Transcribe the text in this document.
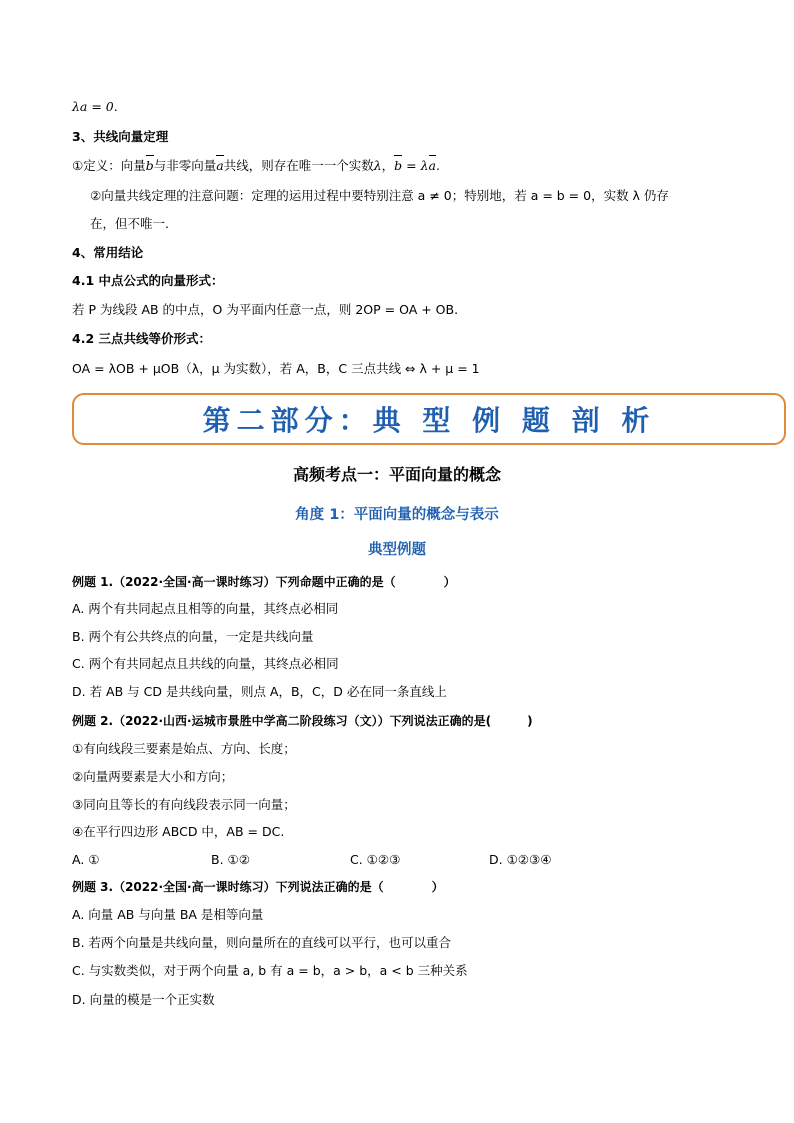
λa = 0.
3、共线向量定理
①定义：向量b与非零向量a共线，则存在唯一一个实数λ，b = λa.
②向量共线定理的注意问题：定理的运用过程中要特别注意 a ≠ 0；特别地，若 a = b = 0，实数 λ 仍存
在，但不唯一.
4、常用结论
4.1 中点公式的向量形式：
若 P 为线段 AB 的中点，O 为平面内任意一点，则 2OP = OA + OB.
4.2 三点共线等价形式：
OA = λOB + μOB（λ，μ 为实数），若 A，B，C 三点共线 ⇔ λ + μ = 1
第二部分：典 型 例 题 剖 析
高频考点一：平面向量的概念
角度 1：平面向量的概念与表示
典型例题
例题 1.（2022·全国·高一课时练习）下列命题中正确的是（　　　　）
A. 两个有共同起点且相等的向量，其终点必相同
B. 两个有公共终点的向量，一定是共线向量
C. 两个有共同起点且共线的向量，其终点必相同
D. 若 AB 与 CD 是共线向量，则点 A，B，C，D 必在同一条直线上
例题 2.（2022·山西·运城市景胜中学高二阶段练习（文））下列说法正确的是(　　　)
①有向线段三要素是始点、方向、长度；
②向量两要素是大小和方向；
③同向且等长的有向线段表示同一向量；
④在平行四边形 ABCD 中，AB = DC.
A. ①	B. ①②	C. ①②③	D. ①②③④
例题 3.（2022·全国·高一课时练习）下列说法正确的是（　　　　）
A. 向量 AB 与向量 BA 是相等向量
B. 若两个向量是共线向量，则向量所在的直线可以平行，也可以重合
C. 与实数类似，对于两个向量 a, b 有 a = b，a > b，a < b 三种关系
D. 向量的模是一个正实数
